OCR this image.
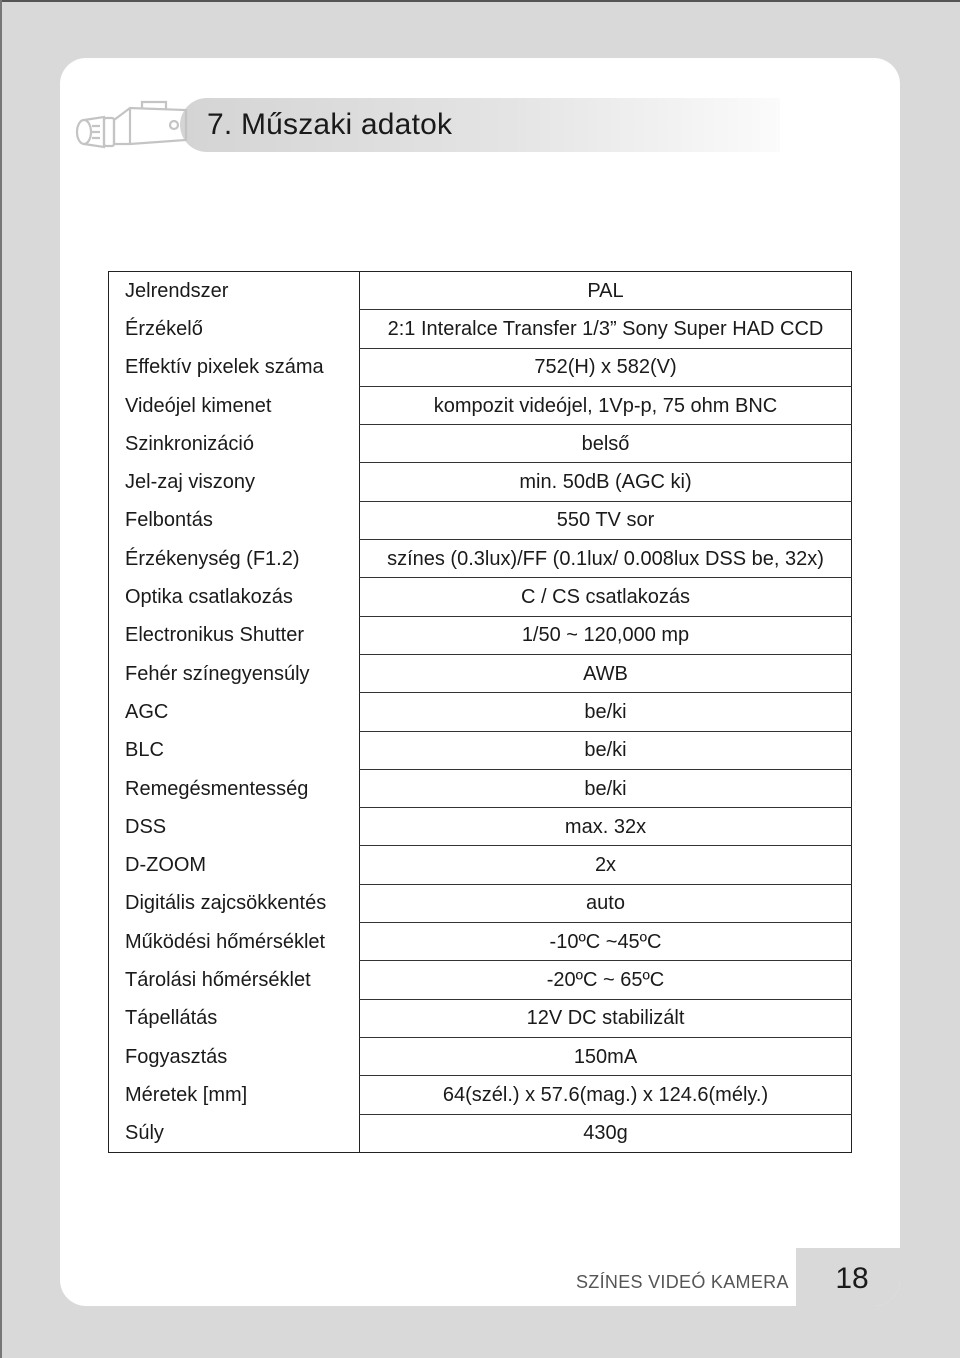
7. Műszaki adatok
Jelrendszer	PAL
Érzékelő	2:1 Interalce Transfer 1/3” Sony Super HAD CCD
Effektív pixelek száma	752(H) x 582(V)
Videójel kimenet	kompozit videójel, 1Vp-p, 75 ohm BNC
Szinkronizáció	belső
Jel-zaj viszony	min. 50dB (AGC ki)
Felbontás	550 TV sor
Érzékenység (F1.2)	színes (0.3lux)/FF (0.1lux/ 0.008lux DSS be, 32x)
Optika csatlakozás	C / CS csatlakozás
Electronikus Shutter	1/50 ~ 120,000 mp
Fehér színegyensúly	AWB
AGC	be/ki
BLC	be/ki
Remegésmentesség	be/ki
DSS	max. 32x
D-ZOOM	2x
Digitális zajcsökkentés	auto
Működési hőmérséklet	-10ºC ~45ºC
Tárolási hőmérséklet	-20ºC ~ 65ºC
Tápellátás	12V DC stabilizált
Fogyasztás	150mA
Méretek [mm]	64(szél.) x 57.6(mag.) x 124.6(mély.)
Súly	430g
SZÍNES VIDEÓ KAMERA	18
